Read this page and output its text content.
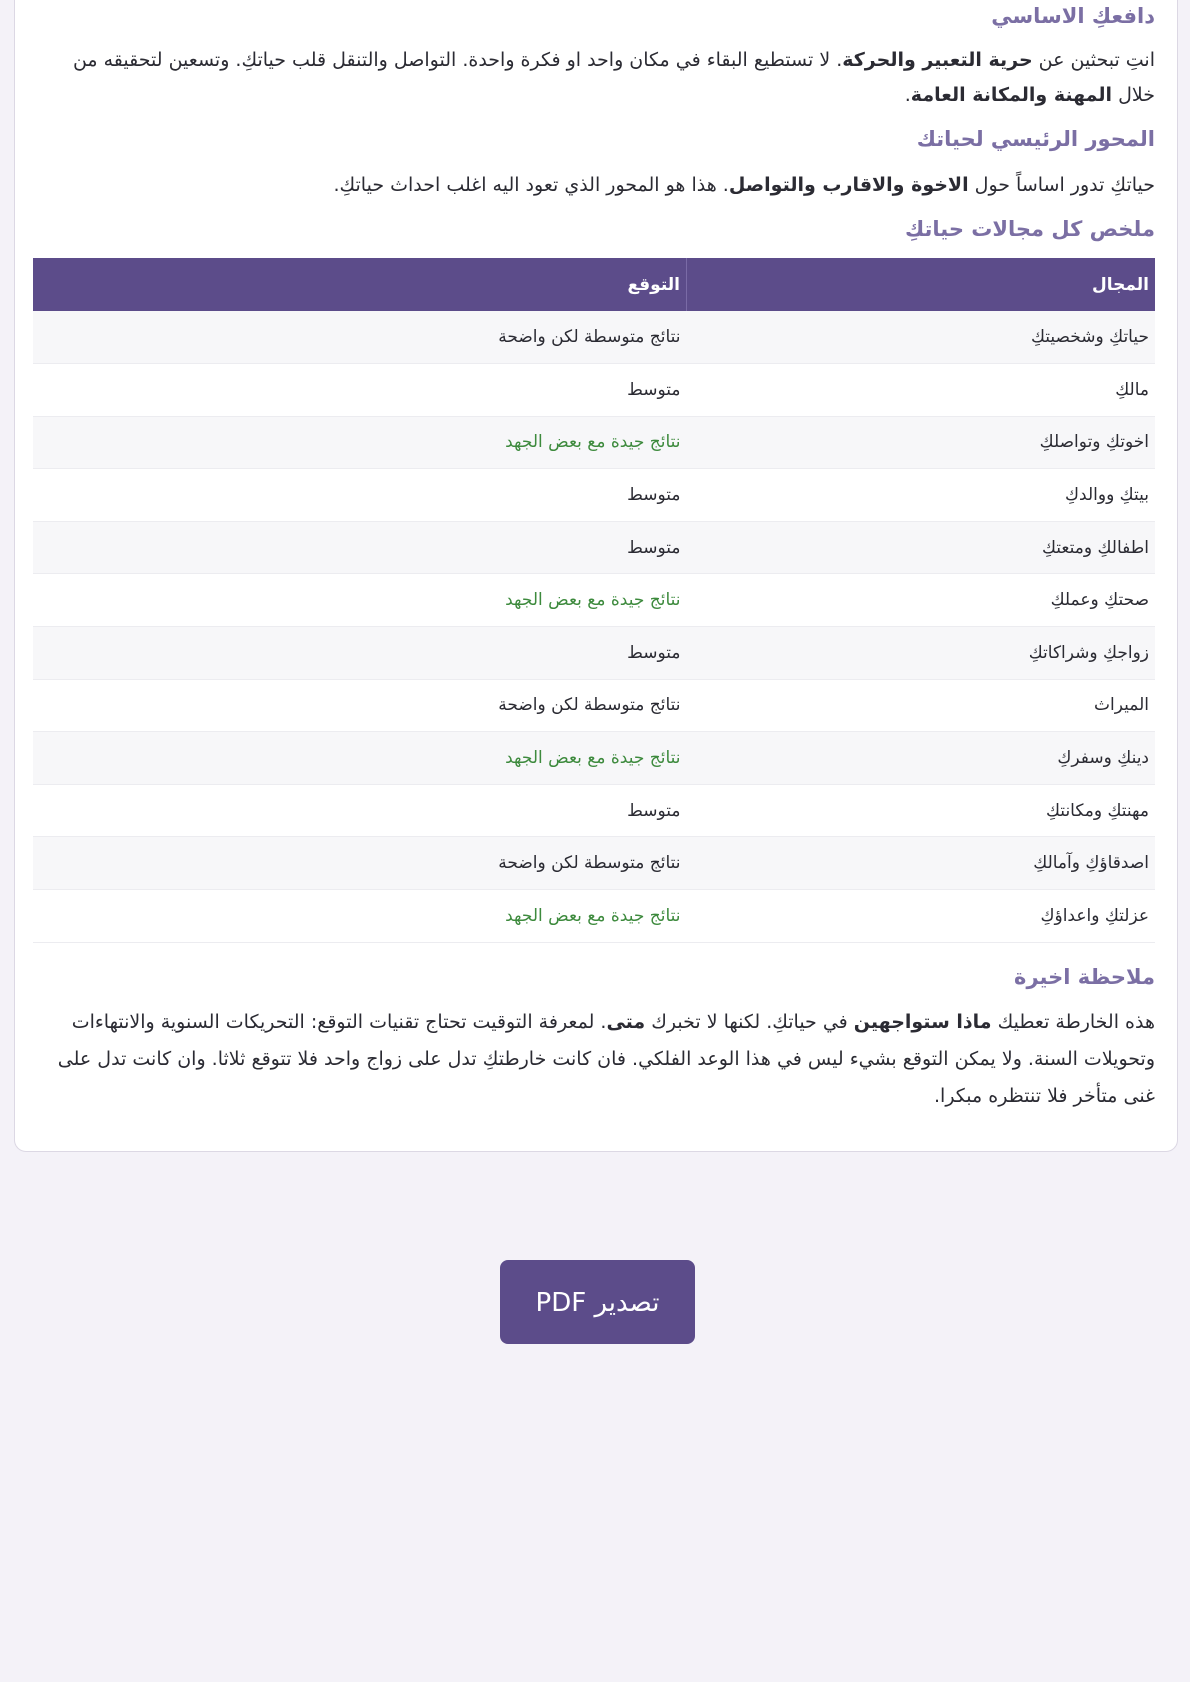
دافعكِ الاساسي

انتِ تبحثين عن حرية التعبير والحركة. لا تستطيع البقاء في مكان واحد او فكرة واحدة. التواصل والتنقل قلب حياتكِ. وتسعين لتحقيقه من خلال المهنة والمكانة العامة.

المحور الرئيسي لحياتك

حياتكِ تدور اساساً حول الاخوة والاقارب والتواصل. هذا هو المحور الذي تعود اليه اغلب احداث حياتكِ.

ملخص كل مجالات حياتكِ
المجال	التوقع
حياتكِ وشخصيتكِ	نتائج متوسطة لكن واضحة
مالكِ	متوسط
اخوتكِ وتواصلكِ	نتائج جيدة مع بعض الجهد
بيتكِ ووالدكِ	متوسط
اطفالكِ ومتعتكِ	متوسط
صحتكِ وعملكِ	نتائج جيدة مع بعض الجهد
زواجكِ وشراكاتكِ	متوسط
الميراث	نتائج متوسطة لكن واضحة
دينكِ وسفركِ	نتائج جيدة مع بعض الجهد
مهنتكِ ومكانتكِ	متوسط
اصدقاؤكِ وآمالكِ	نتائج متوسطة لكن واضحة
عزلتكِ واعداؤكِ	نتائج جيدة مع بعض الجهد
ملاحظة اخيرة

هذه الخارطة تعطيك ماذا ستواجهين في حياتكِ. لكنها لا تخبرك متى. لمعرفة التوقيت تحتاج تقنيات التوقع: التحريكات السنوية والانتهاءات وتحويلات السنة. ولا يمكن التوقع بشيء ليس في هذا الوعد الفلكي. فان كانت خارطتكِ تدل على زواج واحد فلا تتوقع ثلاثا. وان كانت تدل على غنى متأخر فلا تنتظره مبكرا.

تصدير PDF
